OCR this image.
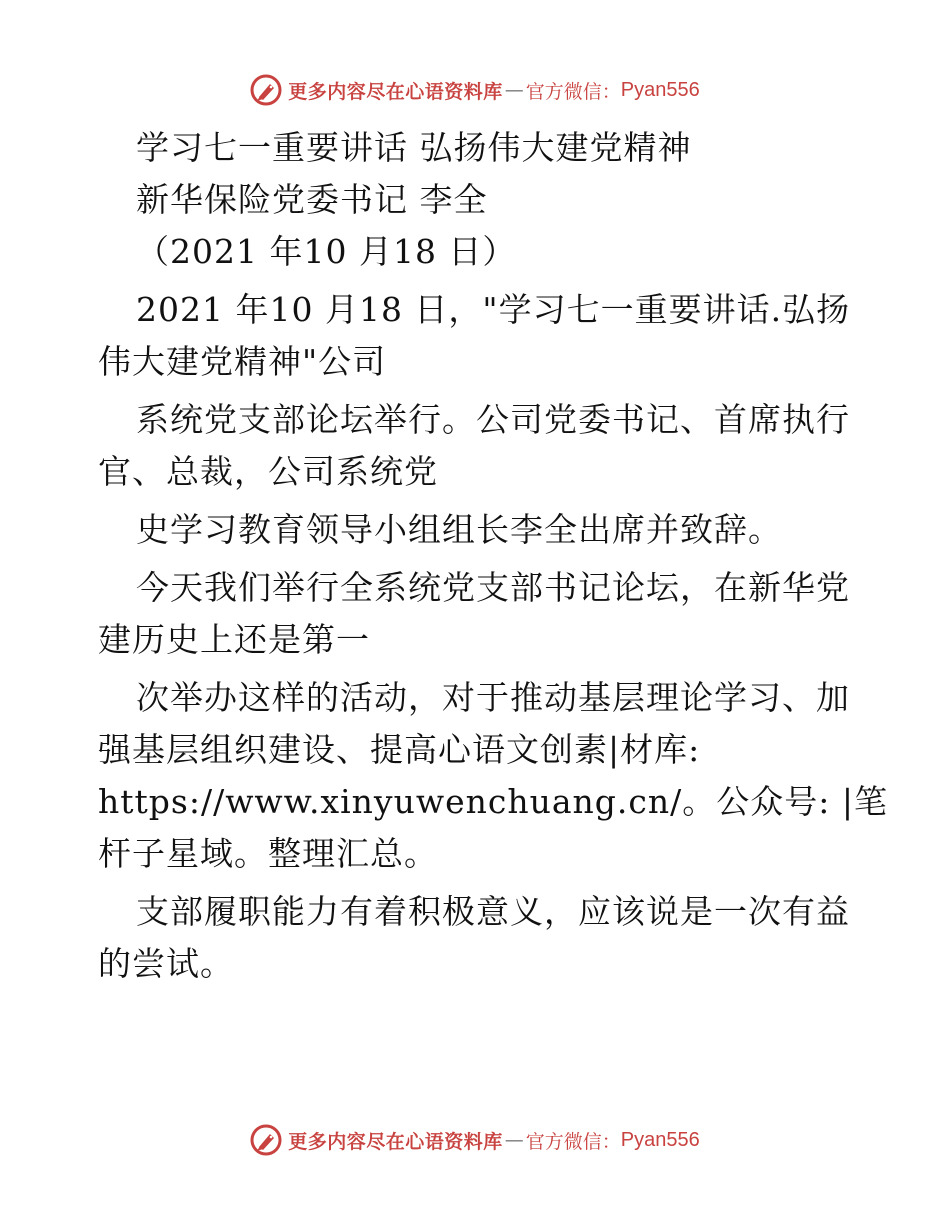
更多内容尽在心语资料库 — 官方微信： Pyan556
学习七一重要讲话 弘扬伟大建党精神
新华保险党委书记 李全
（2021 年10 月18 日）
2021 年10 月18 日，"学习七一重要讲话.弘扬
伟大建党精神"公司
系统党支部论坛举行。公司党委书记、首席执行
官、总裁，公司系统党
史学习教育领导小组组长李全出席并致辞。
今天我们举行全系统党支部书记论坛，在新华党
建历史上还是第一
次举办这样的活动，对于推动基层理论学习、加
强基层组织建设、提高心语文创素|材库:
https://www.xinyuwenchuang.cn/。公众号: |笔
杆子星域。整理汇总。
支部履职能力有着积极意义，应该说是一次有益
的尝试。
更多内容尽在心语资料库 — 官方微信： Pyan556
